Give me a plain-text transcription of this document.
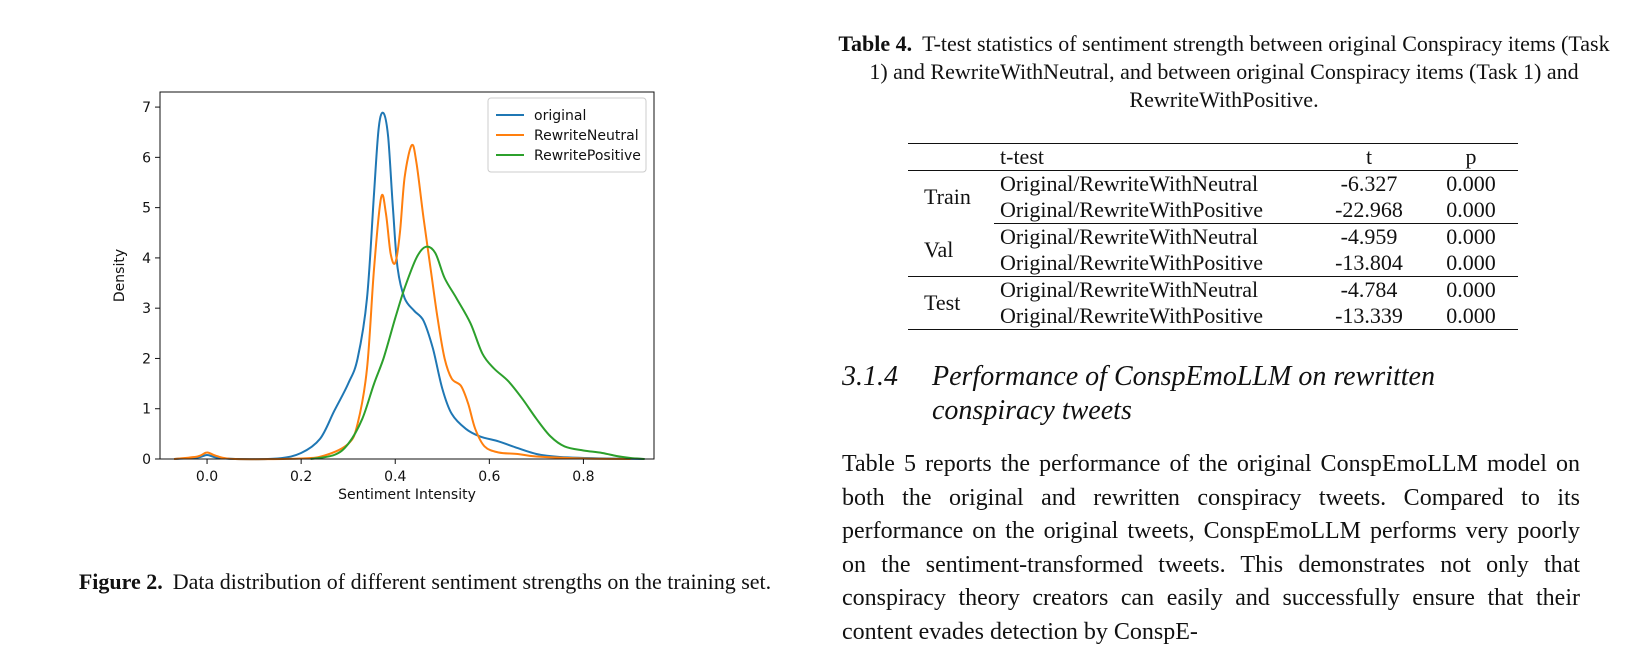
0.0	0.2	0.4	0.6	0.8
0
1
2
3
4
5
6
7	original
RewriteNeutral
RewritePositive
Sentiment Intensity
Density
Figure 2. Data distribution of different sentiment strengths on the training set.
Table 4. T-test statistics of sentiment strength between original Conspiracy items (Task 1) and RewriteWithNeutral, and between original Conspiracy items (Task 1) and RewriteWithPositive.
	t-test	t	p
Train	Original/RewriteWithNeutral	-6.327	0.000
	Original/RewriteWithPositive	-22.968	0.000
Val	Original/RewriteWithNeutral	-4.959	0.000
	Original/RewriteWithPositive	-13.804	0.000
Test	Original/RewriteWithNeutral	-4.784	0.000
	Original/RewriteWithPositive	-13.339	0.000
3.1.4	Performance of ConspEmoLLM on rewritten conspiracy tweets
Table 5 reports the performance of the original ConspEmoLLM model on both the original and rewritten conspiracy tweets. Compared to its performance on the original tweets, ConspEmoLLM performs very poorly on the sentiment-transformed tweets. This demonstrates not only that conspiracy theory creators can easily and successfully ensure that their content evades detection by ConspE-
